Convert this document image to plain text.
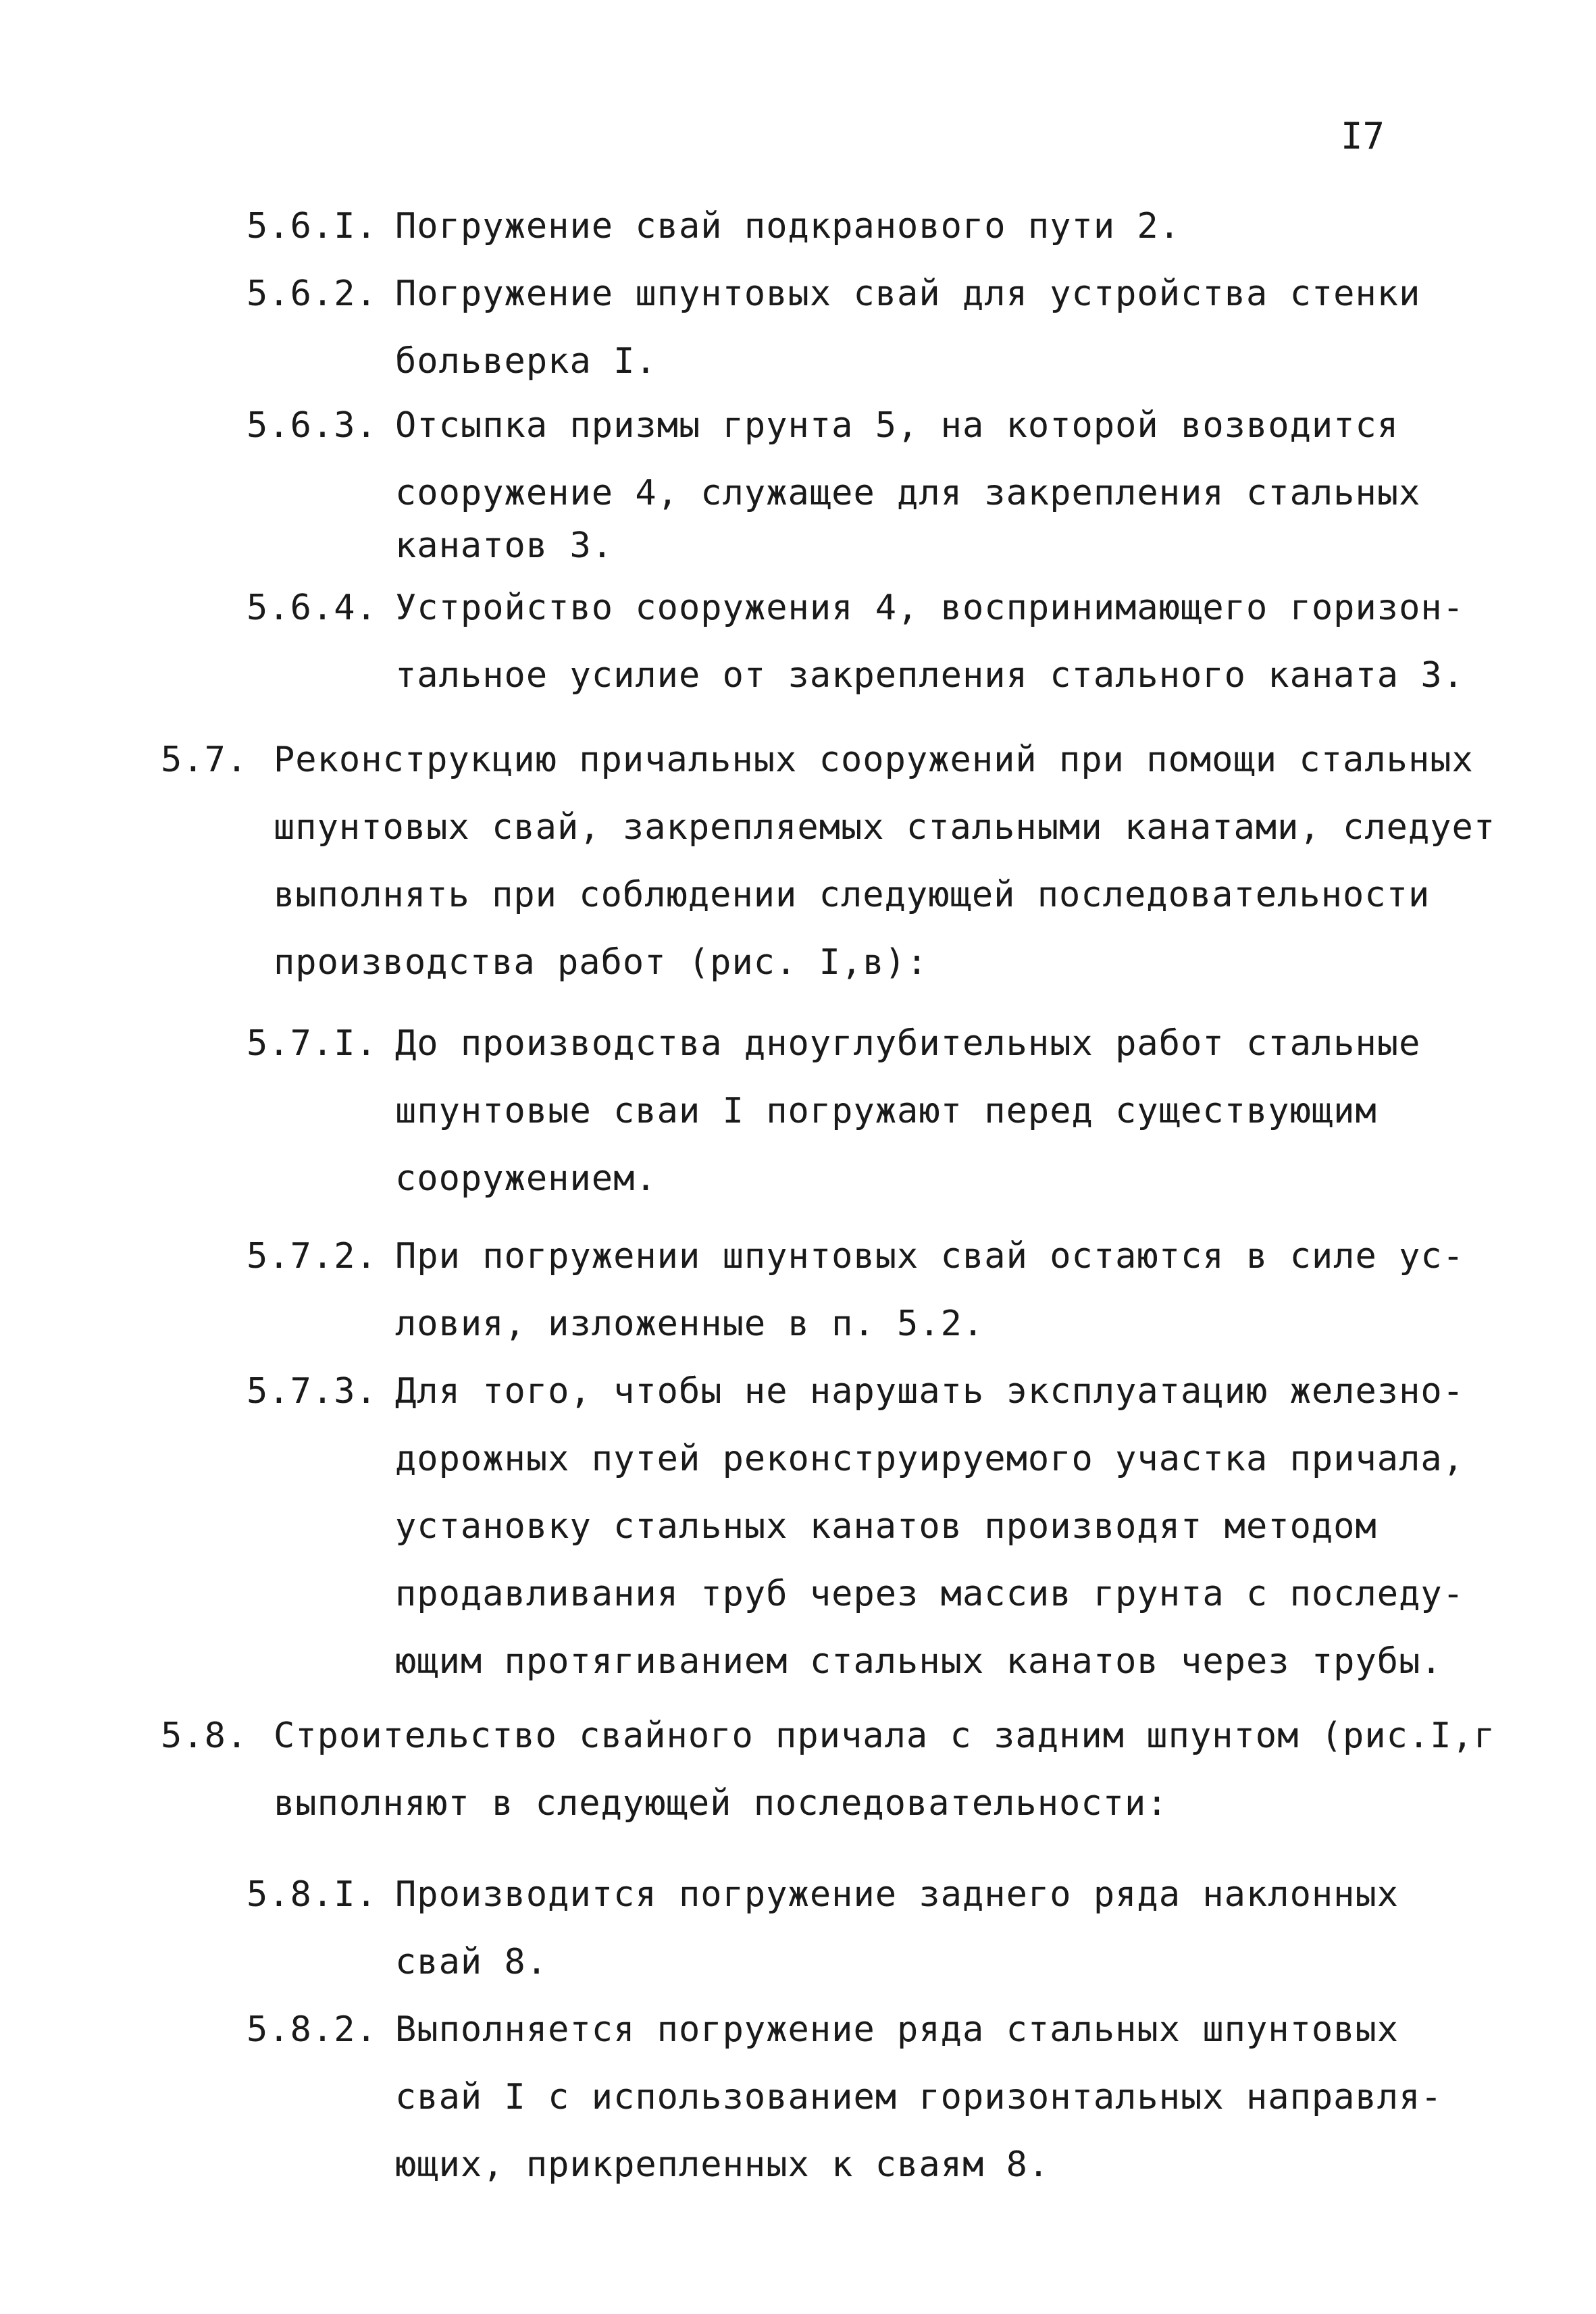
I7
5.6.I. Погружение свай подкранового пути 2.
5.6.2. Погружение шпунтовых свай для устройства стенки
больверка I.
5.6.3. Отсыпка призмы грунта 5, на которой возводится
сооружение 4, служащее для закрепления стальных
канатов 3.
5.6.4. Устройство сооружения 4, воспринимающего горизон-
тальное усилие от закрепления стального каната 3.
5.7. Реконструкцию причальных сооружений при помощи стальных
шпунтовых свай, закрепляемых стальными канатами, следует
выполнять при соблюдении следующей последовательности
производства работ (рис. I,в):
5.7.I. До производства дноуглубительных работ стальные
шпунтовые сваи I погружают перед существующим
сооружением.
5.7.2. При погружении шпунтовых свай остаются в силе ус-
ловия, изложенные в п. 5.2.
5.7.3. Для того, чтобы не нарушать эксплуатацию железно-
дорожных путей реконструируемого участка причала,
установку стальных канатов производят методом
продавливания труб через массив грунта с последу-
ющим протягиванием стальных канатов через трубы.
5.8. Строительство свайного причала с задним шпунтом (рис.I,г
выполняют в следующей последовательности:
5.8.I. Производится погружение заднего ряда наклонных
свай 8.
5.8.2. Выполняется погружение ряда стальных шпунтовых
свай I с использованием горизонтальных направля-
ющих, прикрепленных к сваям 8.
